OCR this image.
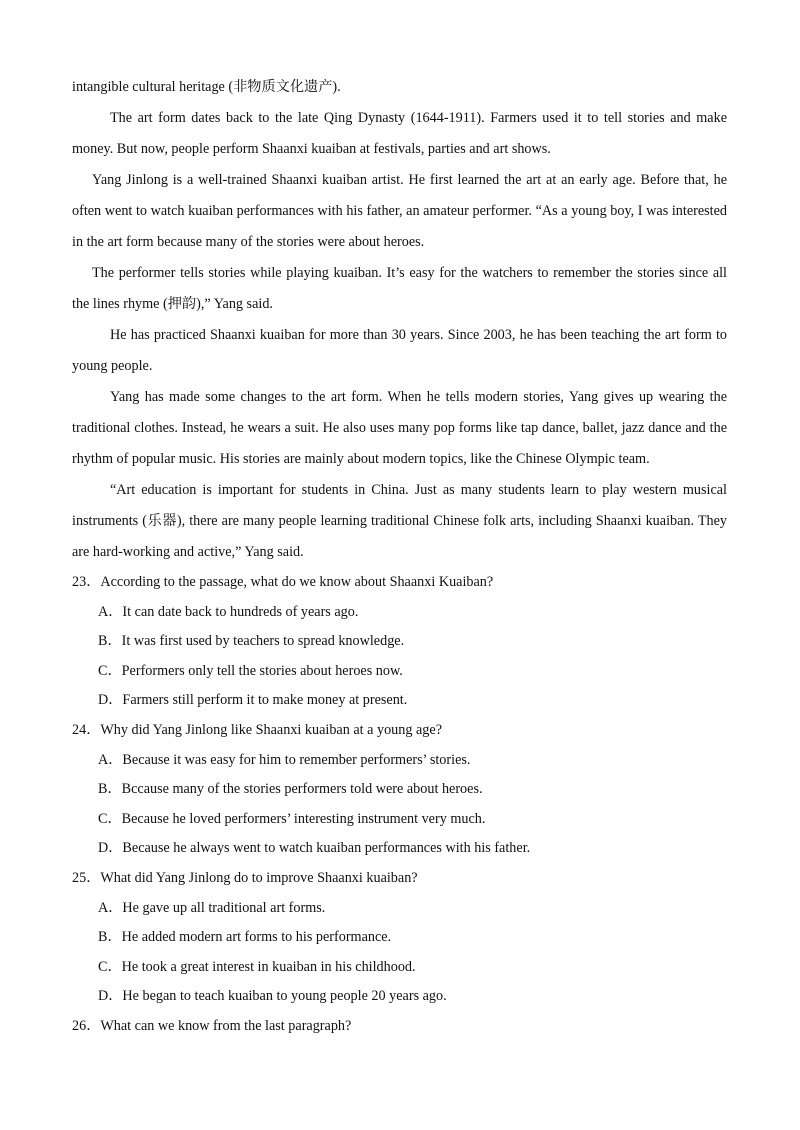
intangible cultural heritage (非物质文化遗产).

The art form dates back to the late Qing Dynasty (1644-1911). Farmers used it to tell stories and make money. But now, people perform Shaanxi kuaiban at festivals, parties and art shows.

Yang Jinlong is a well-trained Shaanxi kuaiban artist. He first learned the art at an early age. Before that, he often went to watch kuaiban performances with his father, an amateur performer. “As a young boy, I was interested in the art form because many of the stories were about heroes.

The performer tells stories while playing kuaiban. It’s easy for the watchers to remember the stories since all the lines rhyme (押韵),” Yang said.

He has practiced Shaanxi kuaiban for more than 30 years. Since 2003, he has been teaching the art form to young people.

Yang has made some changes to the art form. When he tells modern stories, Yang gives up wearing the traditional clothes. Instead, he wears a suit. He also uses many pop forms like tap dance, ballet, jazz dance and the rhythm of popular music. His stories are mainly about modern topics, like the Chinese Olympic team.

“Art education is important for students in China. Just as many students learn to play western musical instruments (乐器), there are many people learning traditional Chinese folk arts, including Shaanxi kuaiban. They are hard-working and active,” Yang said.

23．According to the passage, what do we know about Shaanxi Kuaiban?
A．It can date back to hundreds of years ago.
B．It was first used by teachers to spread knowledge.
C．Performers only tell the stories about heroes now.
D．Farmers still perform it to make money at present.
24．Why did Yang Jinlong like Shaanxi kuaiban at a young age?
A．Because it was easy for him to remember performers’ stories.
B．Bccause many of the stories performers told were about heroes.
C．Because he loved performers’ interesting instrument very much.
D．Because he always went to watch kuaiban performances with his father.
25．What did Yang Jinlong do to improve Shaanxi kuaiban?
A．He gave up all traditional art forms.
B．He added modern art forms to his performance.
C．He took a great interest in kuaiban in his childhood.
D．He began to teach kuaiban to young people 20 years ago.
26．What can we know from the last paragraph?
